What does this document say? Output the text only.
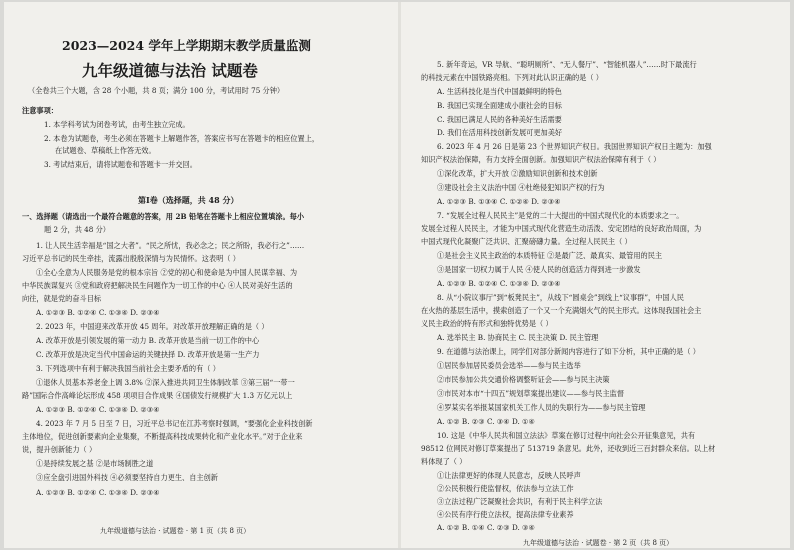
2023—2024 学年上学期期末教学质量监测
九年级道德与法治 试题卷
（全卷共三个大题，含 28 个小题，共 8 页；满分 100 分，考试用时 75 分钟）
注意事项：
1. 本学科考试为闭卷考试，由考生独立完成。
2. 本卷为试题卷，考生必须在答题卡上解题作答，答案应书写在答题卡的相应位置上，
在试题卷、草稿纸上作答无效。
3. 考试结束后，请将试题卷和答题卡一并交回。
第Ⅰ卷（选择题，共 48 分）
一、选择题（请选出一个最符合题意的答案，用 2B 铅笔在答题卡上相应位置填涂。每小
题 2 分，共 48 分）
1. 让人民生活幸福是“国之大者”。“民之所忧，我必念之；民之所盼，我必行之”……
习近平总书记的民生牵挂，流露出殷殷深情与为民情怀。这表明（ ）
①全心全意为人民服务是党的根本宗旨 ②党的初心和使命是为中国人民谋幸福、为
中华民族谋复兴 ③党和政府把解决民生问题作为一切工作的中心 ④人民对美好生活的
向往，就是党的奋斗目标
A. ①②③ B. ①②④ C. ①③④ D. ②③④
2. 2023 年，中国迎来改革开放 45 周年。对改革开放理解正确的是（ ）
A. 改革开放是引领发展的第一动力 B. 改革开放是当前一切工作的中心
C. 改革开放是决定当代中国命运的关键抉择 D. 改革开放是第一生产力
3. 下列选项中有利于解决我国当前社会主要矛盾的有（ ）
①退休人员基本养老金上调 3.8% ②深入推进共同卫生体制改革 ③第三届“一带一
路”国际合作高峰论坛形成 458 项项目合作成果 ④国债发行规模扩大 1.3 万亿元以上
A. ①②③ B. ①②④ C. ①③④ D. ②③④
4. 2023 年 7 月 5 日至 7 日，习近平总书记在江苏考察时强调，“要强化企业科技创新
主体地位，促进创新要素向企业集聚，不断提高科技成果转化和产业化水平。”对于企业来
说，提升创新能力（ ）
①是持续发展之基 ②是市场制胜之道
③应全盘引进国外科技 ④必须要坚持自力更生、自主创新
A. ①②③ B. ①②④ C. ①③④ D. ②③④
九年级道德与法治 · 试题卷 · 第 1 页（共 8 页）
5. 新年奇运，VR 导航、“聪明厕所”、“无人餐厅”、“智能机器人”……时下最流行
的科技元素在中国铁路亮相。下列对此认识正确的是（ ）
A. 生活科技化是当代中国最鲜明的特色
B. 我国已实现全面建成小康社会的目标
C. 我国已满足人民的各种美好生活需要
D. 我们在活用科技创新发展可更加美好
6. 2023 年 4 月 26 日是第 23 个世界知识产权日。我国世界知识产权日主题为：加强
知识产权法治保障，有力支持全面创新。加强知识产权法治保障有利于（ ）
①深化改革，扩大开放 ②激励知识创新和技术创新
③建设社会主义法治中国 ④杜绝侵犯知识产权的行为
A. ①②③ B. ①③④ C. ①②④ D. ②③④
7. “发展全过程人民民主”是党的二十大提出的中国式现代化的本质要求之一。
发展全过程人民民主，才能为中国式现代化营造生动活泼、安定团结的良好政治局面，为
中国式现代化凝聚广泛共识、汇聚磅礴力量。全过程人民民主（ ）
①是社会主义民主政治的本质特征 ②是最广泛、最真实、最管用的民主
③是国家一切权力属于人民 ④使人民的创造活力得到进一步激发
A. ①②③ B. ①②④ C. ①③④ D. ②③④
8. 从“小院议事厅”到“板凳民主”，从线下“圆桌会”到线上“议事群”，中国人民
在火热的基层生活中，摸索创造了一个又一个充满烟火气的民主形式。这体现我国社会主
义民主政治的特有形式和独特优势是（ ）
A. 选举民主 B. 协商民主 C. 民主决策 D. 民主管理
9. 在道德与法治课上，同学们对部分新闻内容进行了如下分析，其中正确的是（ ）
①居民参加居民委员会选举——参与民主选举
②市民参加公共交通价格调整听证会——参与民主决策
③市民对本市“十四五”规划草案提出建议——参与民主监督
④罗某实名举报某国家机关工作人员的失职行为——参与民主管理
A. ①② B. ②③ C. ③④ D. ①④
10. 这是《中华人民共和国立法法》草案在修订过程中向社会公开征集意见，共有
98512 位网民对修订草案提出了 513719 条意见。此外，还收到近三百封群众来信。以上材
料体现了（ ）
①让法律更好的体现人民意志，反映人民呼声
②公民积极行使监督权，依法参与立法工作
③立法过程广泛凝聚社会共识，有利于民主科学立法
④公民有序行使立法权，提高法律专业素养
A. ①② B. ①④ C. ②③ D. ③④
九年级道德与法治 · 试题卷 · 第 2 页（共 8 页）
